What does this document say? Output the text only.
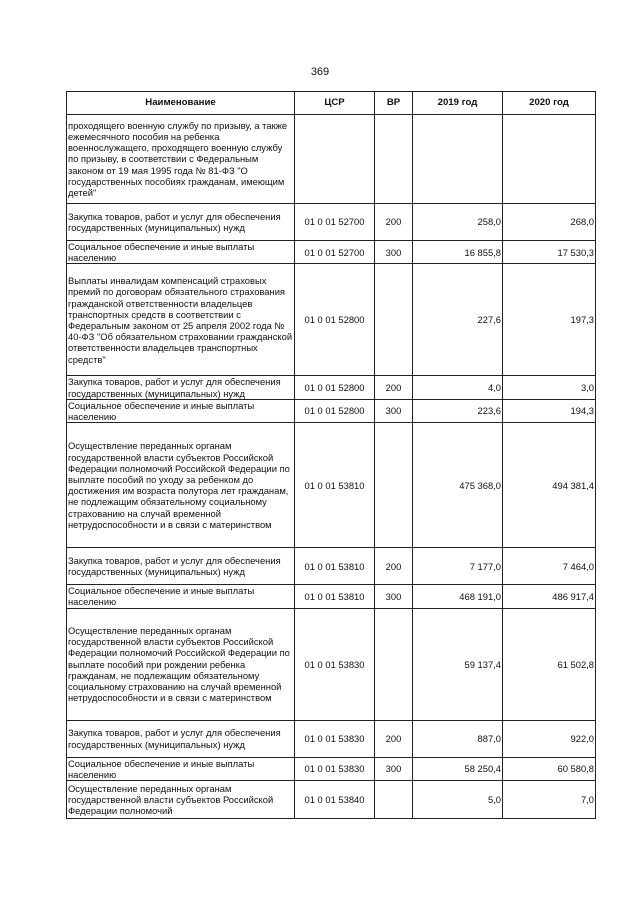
369
Наименование	ЦСР	ВР	2019 год	2020 год
проходящего военную службу по призыву, а также ежемесячного пособия на ребенка военнослужащего, проходящего военную службу по призыву, в соответствии с Федеральным законом от 19 мая 1995 года № 81-ФЗ "О государственных пособиях гражданам, имеющим детей"				
Закупка товаров, работ и услуг для обеспечения государственных (муниципальных) нужд	01 0 01 52700	200	258,0	268,0
Социальное обеспечение и иные выплаты населению	01 0 01 52700	300	16 855,8	17 530,3
Выплаты инвалидам компенсаций страховых премий по договорам обязательного страхования гражданской ответственности владельцев транспортных средств в соответствии с Федеральным законом от 25 апреля 2002 года № 40-ФЗ "Об обязательном страховании гражданской ответственности владельцев транспортных средств"	01 0 01 52800		227,6	197,3
Закупка товаров, работ и услуг для обеспечения государственных (муниципальных) нужд	01 0 01 52800	200	4,0	3,0
Социальное обеспечение и иные выплаты населению	01 0 01 52800	300	223,6	194,3
Осуществление переданных органам государственной власти субъектов Российской Федерации полномочий Российской Федерации по выплате пособий по уходу за ребенком до достижения им возраста полутора лет гражданам, не подлежащим обязательному социальному страхованию на случай временной нетрудоспособности и в связи с материнством	01 0 01 53810		475 368,0	494 381,4
Закупка товаров, работ и услуг для обеспечения государственных (муниципальных) нужд	01 0 01 53810	200	7 177,0	7 464,0
Социальное обеспечение и иные выплаты населению	01 0 01 53810	300	468 191,0	486 917,4
Осуществление переданных органам государственной власти субъектов Российской Федерации полномочий Российской Федерации по выплате пособий при рождении ребенка гражданам, не подлежащим обязательному социальному страхованию на случай временной нетрудоспособности и в связи с материнством	01 0 01 53830		59 137,4	61 502,8
Закупка товаров, работ и услуг для обеспечения государственных (муниципальных) нужд	01 0 01 53830	200	887,0	922,0
Социальное обеспечение и иные выплаты населению	01 0 01 53830	300	58 250,4	60 580,8
Осуществление переданных органам государственной власти субъектов Российской Федерации полномочий	01 0 01 53840		5,0	7,0
